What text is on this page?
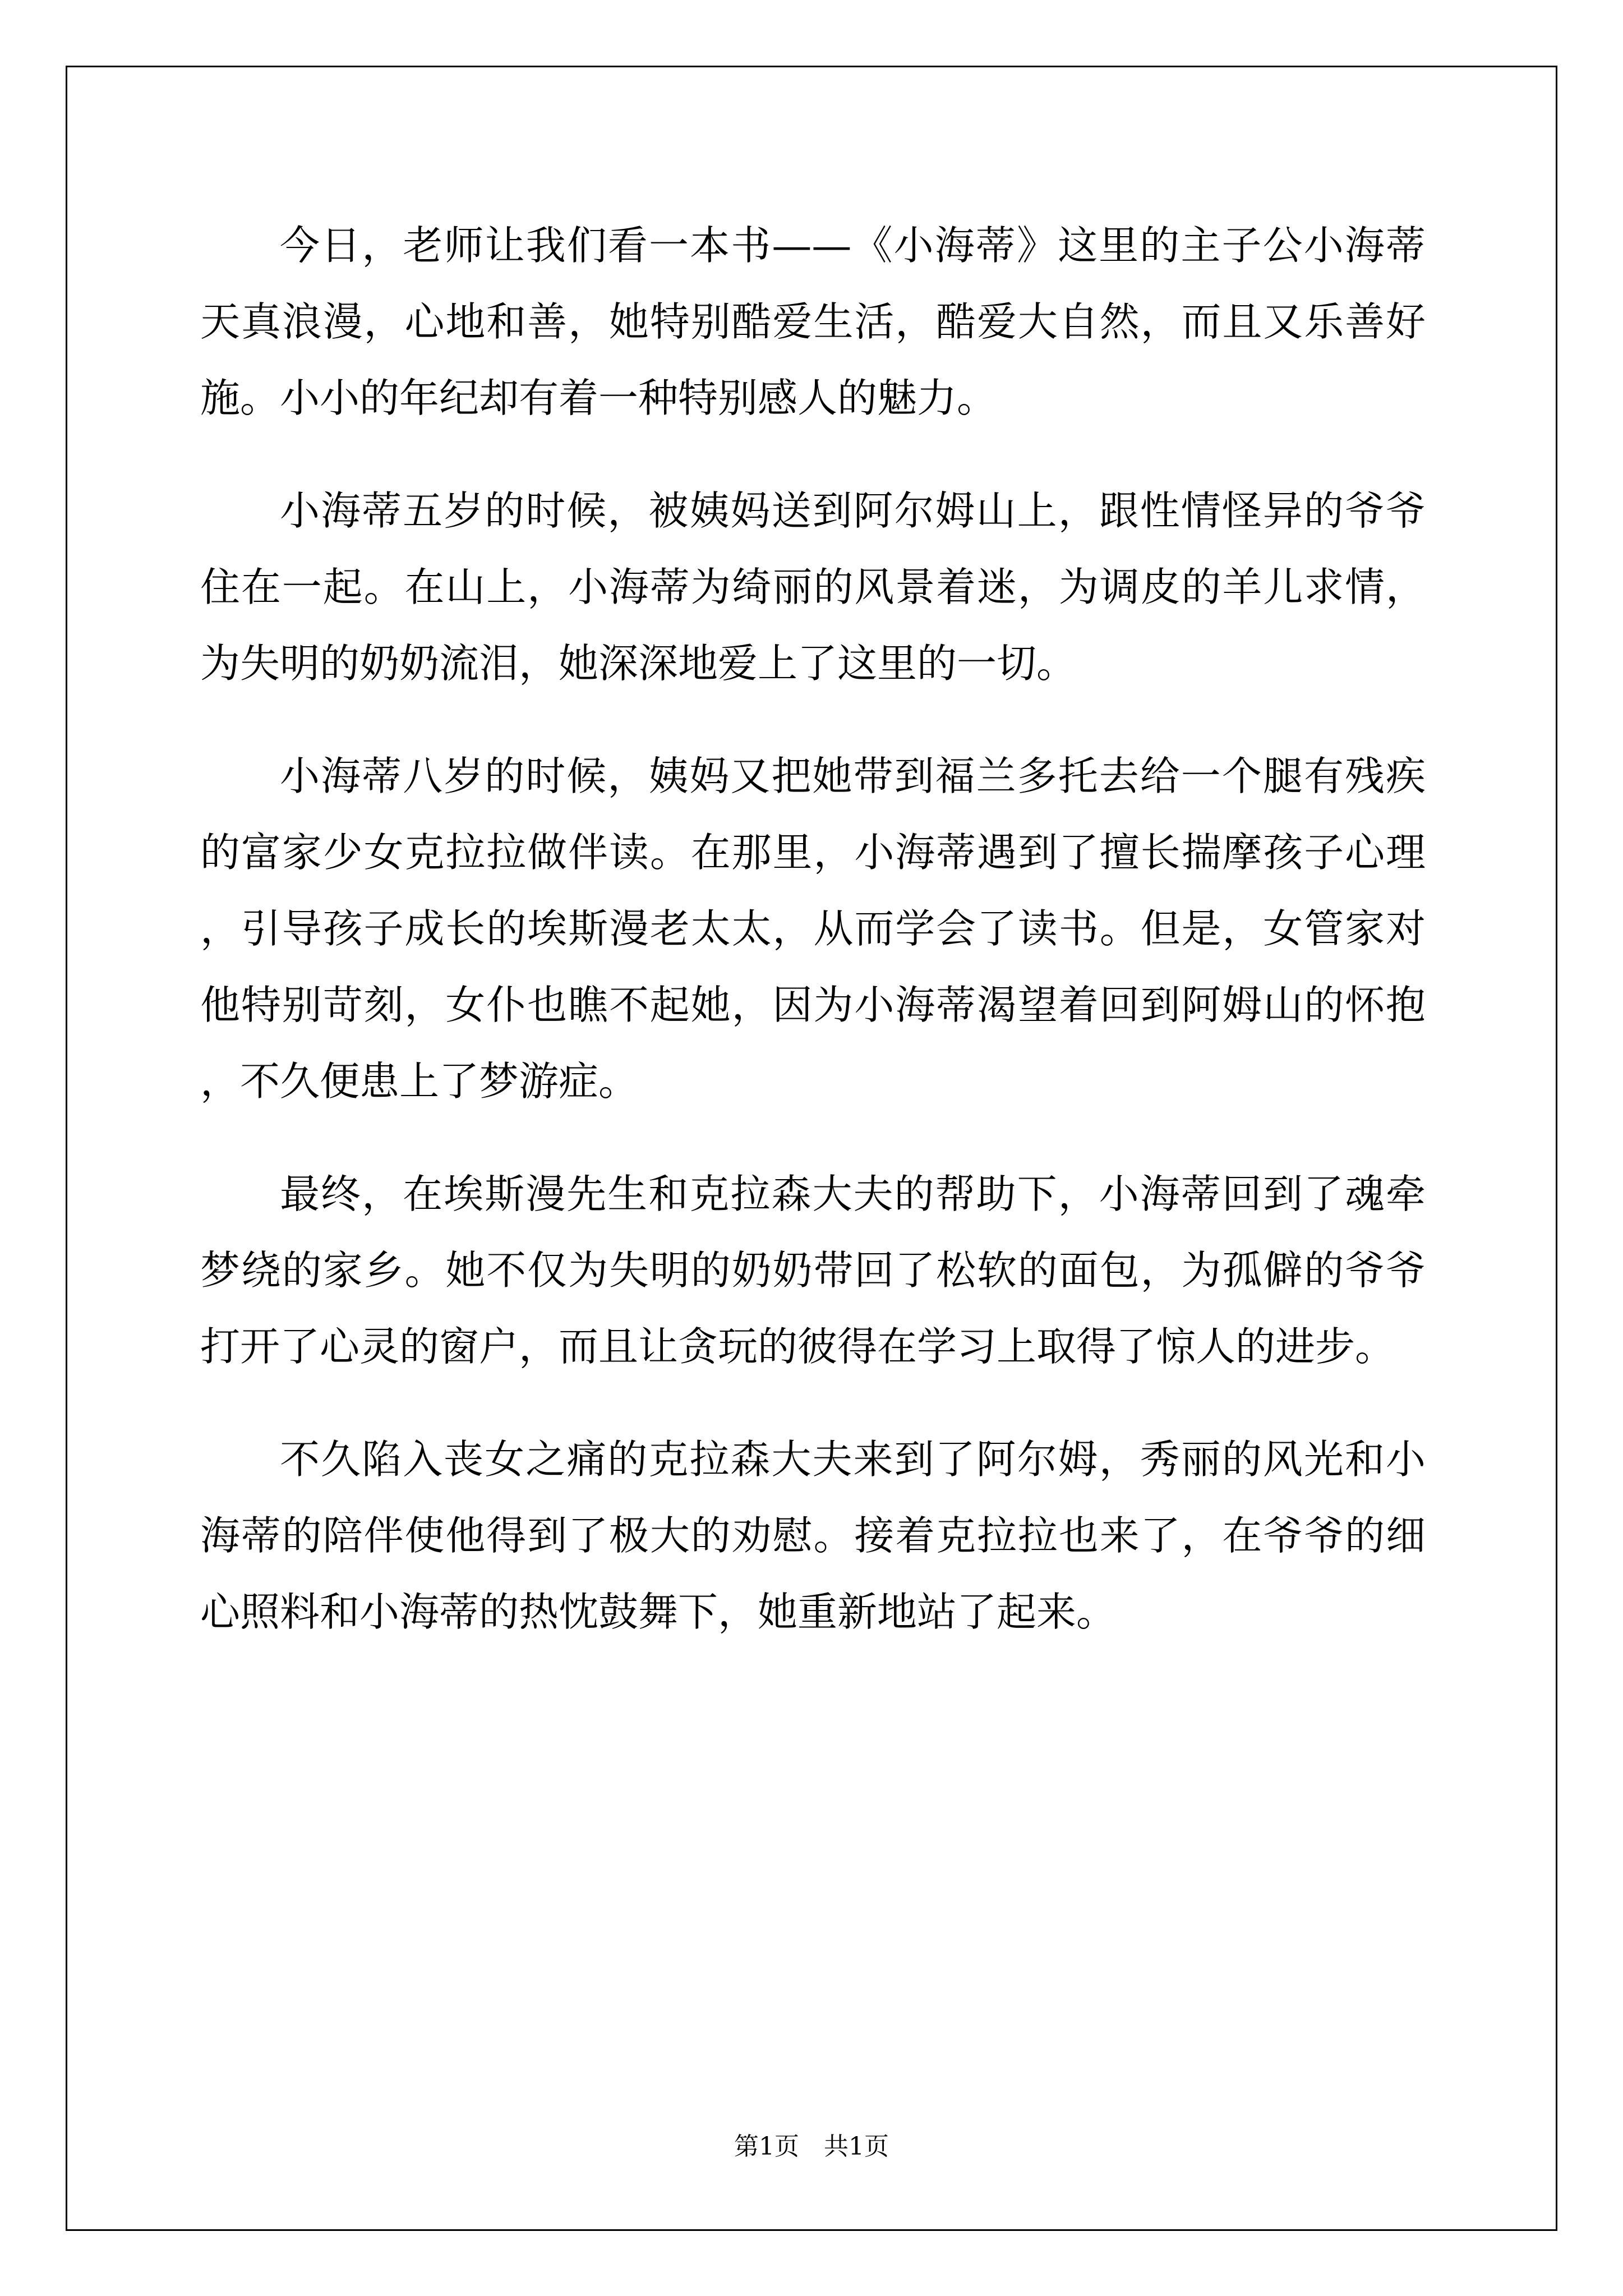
今日，老师让我们看一本书——《小海蒂》这里的主子公小海蒂天真浪漫，心地和善，她特别酷爱生活，酷爱大自然，而且又乐善好施。小小的年纪却有着一种特别感人的魅力。

小海蒂五岁的时候，被姨妈送到阿尔姆山上，跟性情怪异的爷爷住在一起。在山上，小海蒂为绮丽的风景着迷，为调皮的羊儿求情，为失明的奶奶流泪，她深深地爱上了这里的一切。

小海蒂八岁的时候，姨妈又把她带到福兰多托去给一个腿有残疾的富家少女克拉拉做伴读。在那里，小海蒂遇到了擅长揣摩孩子心理，引导孩子成长的埃斯漫老太太，从而学会了读书。但是，女管家对他特别苛刻，女仆也瞧不起她，因为小海蒂渴望着回到阿姆山的怀抱，不久便患上了梦游症。

最终，在埃斯漫先生和克拉森大夫的帮助下，小海蒂回到了魂牵梦绕的家乡。她不仅为失明的奶奶带回了松软的面包，为孤僻的爷爷打开了心灵的窗户，而且让贪玩的彼得在学习上取得了惊人的进步。

不久陷入丧女之痛的克拉森大夫来到了阿尔姆，秀丽的风光和小海蒂的陪伴使他得到了极大的劝慰。接着克拉拉也来了，在爷爷的细心照料和小海蒂的热忱鼓舞下，她重新地站了起来。

第1页 共1页
